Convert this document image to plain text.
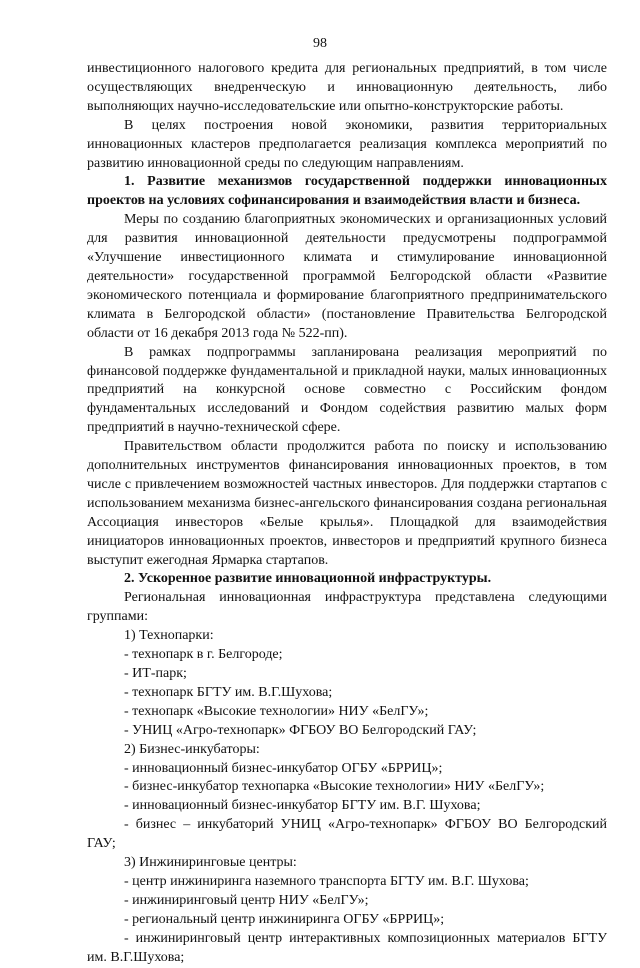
98

инвестиционного налогового кредита для региональных предприятий, в том числе осуществляющих внедренческую и инновационную деятельность, либо выполняющих научно-исследовательские или опытно-конструкторские работы.

В целях построения новой экономики, развития территориальных инновационных кластеров предполагается реализация комплекса мероприятий по развитию инновационной среды по следующим направлениям.

1. Развитие механизмов государственной поддержки инновационных проектов на условиях софинансирования и взаимодействия власти и бизнеса.

Меры по созданию благоприятных экономических и организационных условий для развития инновационной деятельности предусмотрены подпрограммой «Улучшение инвестиционного климата и стимулирование инновационной деятельности» государственной программой Белгородской области «Развитие экономического потенциала и формирование благоприятного предпринимательского климата в Белгородской области» (постановление Правительства Белгородской области от 16 декабря 2013 года № 522-пп).

В рамках подпрограммы запланирована реализация мероприятий по финансовой поддержке фундаментальной и прикладной науки, малых инновационных предприятий на конкурсной основе совместно с Российским фондом фундаментальных исследований и Фондом содействия развитию малых форм предприятий в научно-технической сфере.

Правительством области продолжится работа по поиску и использованию дополнительных инструментов финансирования инновационных проектов, в том числе с привлечением возможностей частных инвесторов. Для поддержки стартапов с использованием механизма бизнес-ангельского финансирования создана региональная Ассоциация инвесторов «Белые крылья». Площадкой для взаимодействия инициаторов инновационных проектов, инвесторов и предприятий крупного бизнеса выступит ежегодная Ярмарка стартапов.

2. Ускоренное развитие инновационной инфраструктуры.

Региональная инновационная инфраструктура представлена следующими группами:

1) Технопарки:

- технопарк в г. Белгороде;

- ИТ-парк;

- технопарк БГТУ им. В.Г.Шухова;

- технопарк «Высокие технологии» НИУ «БелГУ»;

- УНИЦ «Агро-технопарк» ФГБОУ ВО Белгородский ГАУ;

2) Бизнес-инкубаторы:

- инновационный бизнес-инкубатор ОГБУ «БРРИЦ»;

- бизнес-инкубатор технопарка «Высокие технологии» НИУ «БелГУ»;

- инновационный бизнес-инкубатор БГТУ им. В.Г. Шухова;

- бизнес – инкубаторий УНИЦ «Агро-технопарк» ФГБОУ ВО Белгородский ГАУ;

3) Инжиниринговые центры:

- центр инжиниринга наземного транспорта БГТУ им. В.Г. Шухова;

- инжиниринговый центр НИУ «БелГУ»;

- региональный центр инжиниринга ОГБУ «БРРИЦ»;

- инжиниринговый центр интерактивных композиционных материалов БГТУ им. В.Г.Шухова;
